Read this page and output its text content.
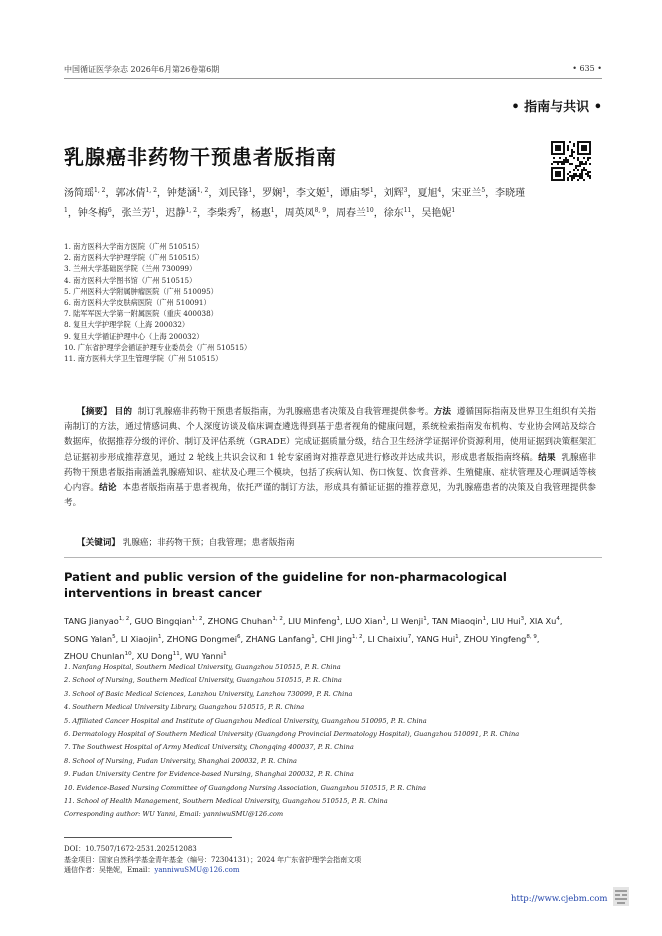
中国循证医学杂志 2026年6月第26卷第6期	• 635 •
• 指南与共识 •
乳腺癌非药物干预患者版指南
汤简瑶$^{1, 2}$，郭冰倩$^{1, 2}$，钟楚涵$^{1, 2}$，刘民锋$^1$，罗娴$^1$，李文姬$^1$，谭庙琴$^1$，刘辉$^3$，夏旭$^4$，宋亚兰$^5$，李晓瑾$^1$，钟冬梅$^6$，张兰芳$^1$，迟静$^{1, 2}$，李柴秀$^7$，杨惠$^1$，周英凤$^{8, 9}$，周春兰$^{10}$，徐东$^{11}$，吴艳妮$^1$
1. 南方医科大学南方医院（广州 510515）
2. 南方医科大学护理学院（广州 510515）
3. 兰州大学基础医学院（兰州 730099）
4. 南方医科大学图书馆（广州 510515）
5. 广州医科大学附属肿瘤医院（广州 510095）
6. 南方医科大学皮肤病医院（广州 510091）
7. 陆军军医大学第一附属医院（重庆 400038）
8. 复旦大学护理学院（上海 200032）
9. 复旦大学循证护理中心（上海 200032）
10. 广东省护理学会循证护理专业委员会（广州 510515）
11. 南方医科大学卫生管理学院（广州 510515）

【摘要】 目的 制订乳腺癌非药物干预患者版指南，为乳腺癌患者决策及自我管理提供参考。方法 遵循国际指南及世界卫生组织有关指南制订的方法，通过情感词典、个人深度访谈及临床调查遴选得到基于患者视角的健康问题，系统检索指南发布机构、专业协会网站及综合数据库，依据推荐分级的评价、制订及评估系统（GRADE）完成证据质量分级，结合卫生经济学证据评价资源利用，使用证据到决策框架汇总证据初步形成推荐意见，通过 2 轮线上共识会议和 1 轮专家函询对推荐意见进行修改并达成共识，形成患者版指南终稿。结果 乳腺癌非药物干预患者版指南涵盖乳腺癌知识、症状及心理三个模块，包括了疾病认知、伤口恢复、饮食营养、生殖健康、症状管理及心理调适等核心内容。结论 本患者版指南基于患者视角，依托严谨的制订方法，形成具有循证证据的推荐意见，为乳腺癌患者的决策及自我管理提供参考。

【关键词】 乳腺癌；非药物干预；自我管理；患者版指南
Patient and public version of the guideline for non-pharmacological interventions in breast cancer
TANG Jianyao$^{1, 2}$, GUO Bingqian$^{1, 2}$, ZHONG Chuhan$^{1, 2}$, LIU Minfeng$^1$, LUO Xian$^1$, LI Wenji$^1$, TAN Miaoqin$^1$, LIU Hui$^3$, XIA Xu$^4$, SONG Yalan$^5$, LI Xiaojin$^1$, ZHONG Dongmei$^6$, ZHANG Lanfang$^1$, CHI Jing$^{1, 2}$, LI Chaixiu$^7$, YANG Hui$^1$, ZHOU Yingfeng$^{8, 9}$, ZHOU Chunlan$^{10}$, XU Dong$^{11}$, WU Yanni$^1$
1. Nanfang Hospital, Southern Medical University, Guangzhou 510515, P. R. China
2. School of Nursing, Southern Medical University, Guangzhou 510515, P. R. China
3. School of Basic Medical Sciences, Lanzhou University, Lanzhou 730099, P. R. China
4. Southern Medical University Library, Guangzhou 510515, P. R. China
5. Affiliated Cancer Hospital and Institute of Guangzhou Medical University, Guangzhou 510095, P. R. China
6. Dermatology Hospital of Southern Medical University (Guangdong Provincial Dermatology Hospital), Guangzhou 510091, P. R. China
7. The Southwest Hospital of Army Medical University, Chongqing 400037, P. R. China
8. School of Nursing, Fudan University, Shanghai 200032, P. R. China
9. Fudan University Centre for Evidence-based Nursing, Shanghai 200032, P. R. China
10. Evidence-Based Nursing Committee of Guangdong Nursing Association, Guangzhou 510515, P. R. China
11. School of Health Management, Southern Medical University, Guangzhou 510515, P. R. China
Corresponding author: WU Yanni, Email: yanniwuSMU@126.com
DOI：10.7507/1672-2531.202512083
基金项目：国家自然科学基金青年基金（编号：72304131）；2024 年广东省护理学会指南文项
通信作者：吴艳妮，Email：yanniwuSMU@126.com
http://www.cjebm.com
